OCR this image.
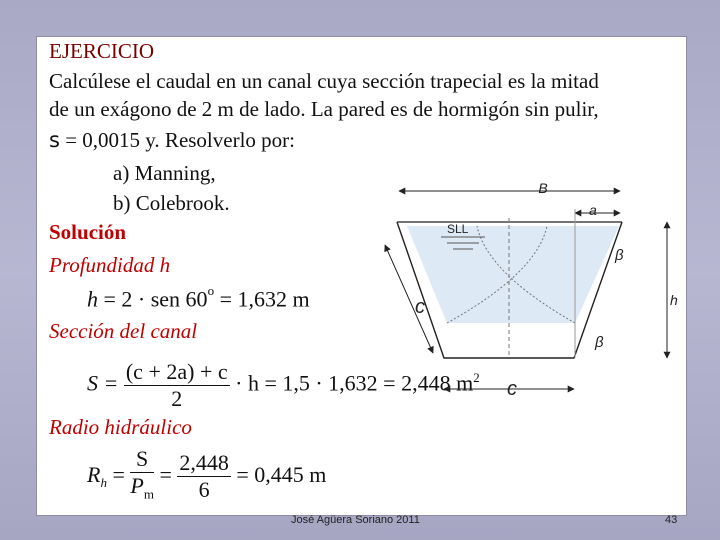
EJERCICIO
Calcúlese el caudal en un canal cuya sección trapecial es la mitad
de un exágono de 2 m de lado. La pared es de hormigón sin pulir,
s = 0,0015 y. Resolverlo por:
a) Manning,
b) Colebrook.
Solución
Profundidad h
h = 2 · sen $60^o = 1,632$ m
Sección del canal
$S = \frac{(c + 2a) + c}{2} \cdot h = 1,5 \cdot 1,632 = 2,448$ $m^2$
Radio hidráulico
$R_h = \frac{S}{P_m} = \frac{2,448}{6} = 0,445$ m
SLL
B
a
h
β
β
c
c
José Agüera Soriano 2011	43
